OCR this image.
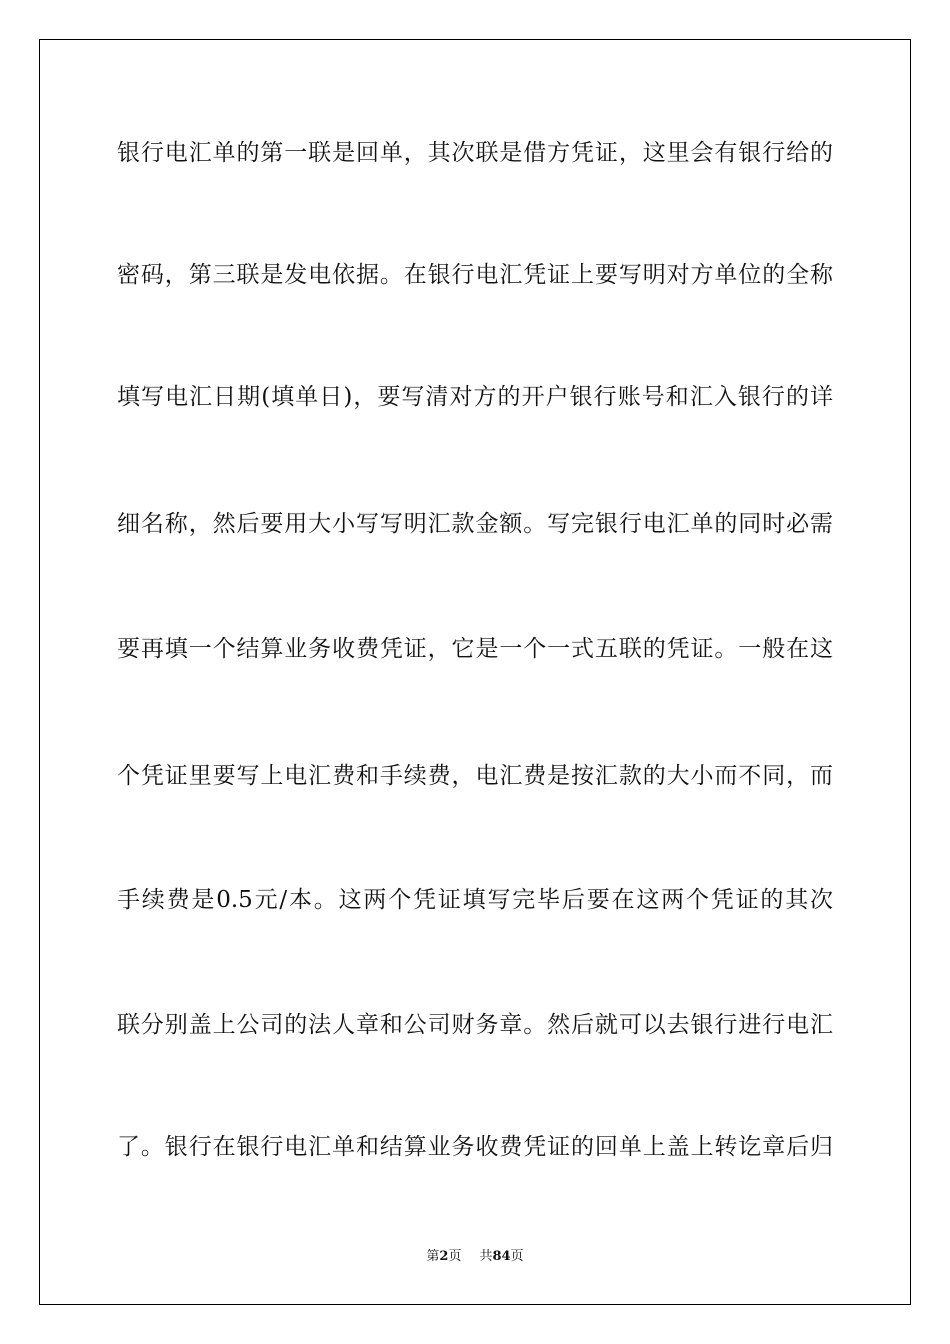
银行电汇单的第一联是回单，其次联是借方凭证，这里会有银行给的
密码，第三联是发电依据。在银行电汇凭证上要写明对方单位的全称
填写电汇日期(填单日)，要写清对方的开户银行账号和汇入银行的详
细名称，然后要用大小写写明汇款金额。写完银行电汇单的同时必需
要再填一个结算业务收费凭证，它是一个一式五联的凭证。一般在这
个凭证里要写上电汇费和手续费，电汇费是按汇款的大小而不同，而
手续费是0.5元/本。这两个凭证填写完毕后要在这两个凭证的其次
联分别盖上公司的法人章和公司财务章。然后就可以去银行进行电汇
了。银行在银行电汇单和结算业务收费凭证的回单上盖上转讫章后归
第2页 共84页
